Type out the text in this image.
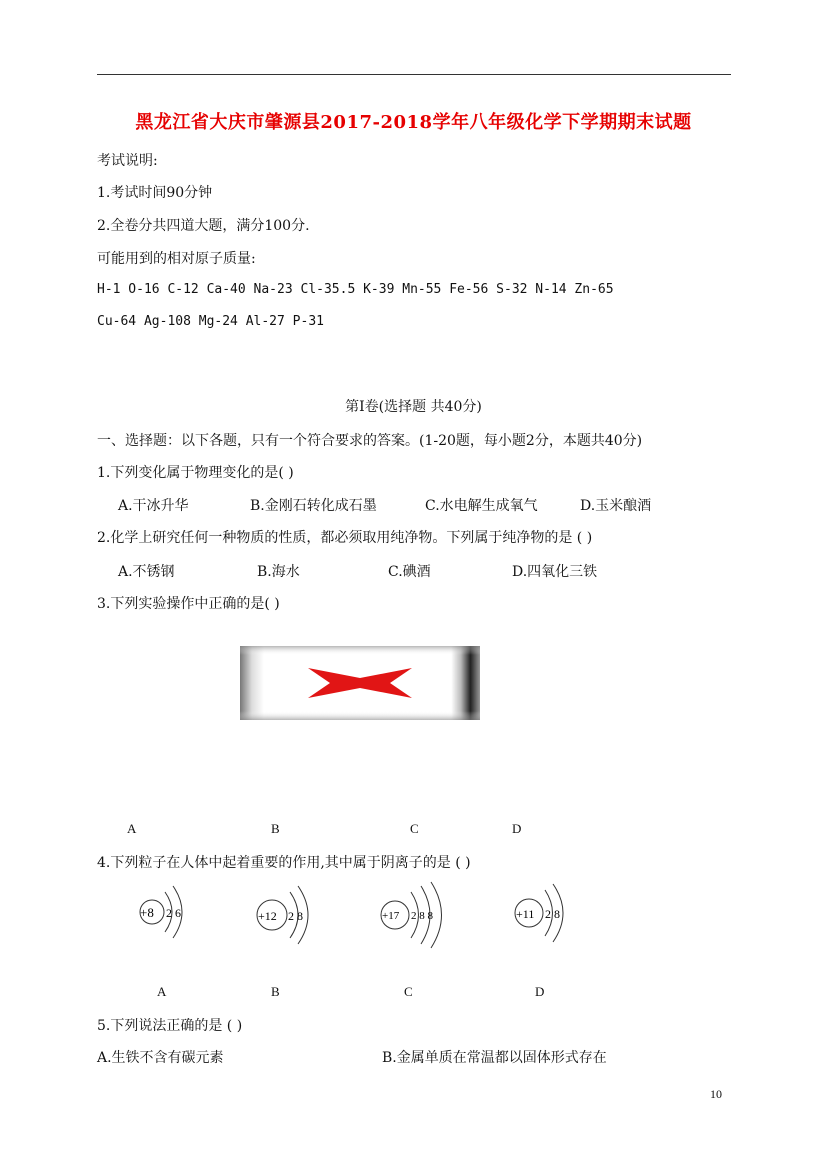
黑龙江省大庆市肇源县2017-2018学年八年级化学下学期期末试题
考试说明:
1.考试时间90分钟
2.全卷分共四道大题，满分100分.
可能用到的相对原子质量:
H-1 O-16 C-12 Ca-40 Na-23 Cl-35.5 K-39 Mn-55 Fe-56 S-32 N-14 Zn-65
Cu-64 Ag-108 Mg-24 Al-27 P-31
第Ⅰ卷(选择题 共40分)
一、选择题：以下各题，只有一个符合要求的答案。(1-20题，每小题2分，本题共40分)
1.下列变化属于物理变化的是( )
A.干冰升华	B.金刚石转化成石墨	C.水电解生成氧气	D.玉米酿酒
2.化学上研究任何一种物质的性质，都必须取用纯净物。下列属于纯净物的是 ( )
A.不锈钢	B.海水	C.碘酒	D.四氧化三铁
3.下列实验操作中正确的是( )
A	B	C	D
4.下列粒子在人体中起着重要的作用,其中属于阴离子的是 ( )
+8 2 6	+12 2 8	+17 2 8 8	+11 2 8
A	B	C	D
5.下列说法正确的是 ( )
A.生铁不含有碳元素	B.金属单质在常温都以固体形式存在
10
